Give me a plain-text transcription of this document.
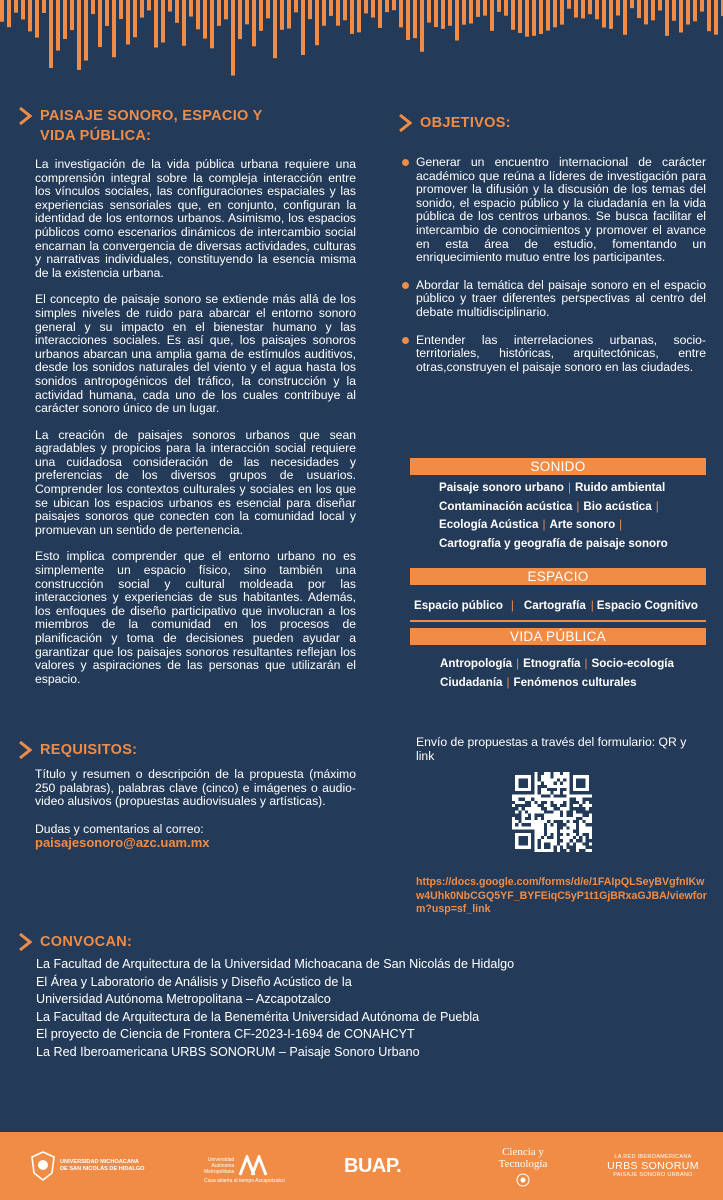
PAISAJE SONORO, ESPACIO Y
VIDA PÚBLICA:

La investigación de la vida pública urbana requiere una comprensión integral sobre la compleja interacción entre los vínculos sociales, las configuraciones espaciales y las experiencias sensoriales que, en conjunto, configuran la identidad de los entornos urbanos. Asimismo, los espacios públicos como escenarios dinámicos de intercambio social encarnan la convergencia de diversas actividades, culturas y narrativas individuales, constituyendo la esencia misma de la existencia urbana.

El concepto de paisaje sonoro se extiende más allá de los simples niveles de ruido para abarcar el entorno sonoro general y su impacto en el bienestar humano y las interacciones sociales. Es así que, los paisajes sonoros urbanos abarcan una amplia gama de estímulos auditivos, desde los sonidos naturales del viento y el agua hasta los sonidos antropogénicos del tráfico, la construcción y la actividad humana, cada uno de los cuales contribuye al carácter sonoro único de un lugar.

La creación de paisajes sonoros urbanos que sean agradables y propicios para la interacción social requiere una cuidadosa consideración de las necesidades y preferencias de los diversos grupos de usuarios. Comprender los contextos culturales y sociales en los que se ubican los espacios urbanos es esencial para diseñar paisajes sonoros que conecten con la comunidad local y promuevan un sentido de pertenencia.

Esto implica comprender que el entorno urbano no es simplemente un espacio físico, sino también una construcción social y cultural moldeada por las interacciones y experiencias de sus habitantes. Además, los enfoques de diseño participativo que involucran a los miembros de la comunidad en los procesos de planificación y toma de decisiones pueden ayudar a garantizar que los paisajes sonoros resultantes reflejan los valores y aspiraciones de las personas que utilizarán el espacio.

REQUISITOS:

Título y resumen o descripción de la propuesta (máximo 250 palabras), palabras clave (cinco) e imágenes o audio-video alusivos (propuestas audiovisuales y artísticas).

Dudas y comentarios al correo:
paisajesonoro@azc.uam.mx
OBJETIVOS:
Generar un encuentro internacional de carácter académico que reúna a líderes de investigación para promover la difusión y la discusión de los temas del sonido, el espacio público y la ciudadanía en la vida pública de los centros urbanos. Se busca facilitar el intercambio de conocimientos y promover el avance en esta área de estudio, fomentando un enriquecimiento mutuo entre los participantes.
Abordar la temática del paisaje sonoro en el espacio público y traer diferentes perspectivas al centro del debate multidisciplinario.
Entender las interrelaciones urbanas, socio-territoriales, históricas, arquitectónicas, entre otras,construyen el paisaje sonoro en las ciudades.
SONIDO
Paisaje sonoro urbano | Ruido ambiental
Contaminación acústica | Bio acústica |
Ecología Acústica | Arte sonoro |
Cartografía y geografía de paisaje sonoro
ESPACIO
Espacio público | Cartografía | Espacio Cognitivo
VIDA PÚBLICA
Antropología | Etnografía | Socio-ecología
Ciudadanía | Fenómenos culturales
Envío de propuestas a través del formulario: QR y link
https://docs.google.com/forms/d/e/1FAIpQLSeyBVgfnIKww4Uhk0NbCGQ5YF_BYFEiqC5yP1t1GjBRxaGJBA/viewform?usp=sf_link
CONVOCAN:
La Facultad de Arquitectura de la Universidad Michoacana de San Nicolás de Hidalgo
El Área y Laboratorio de Análisis y Diseño Acústico de la
Universidad Autónoma Metropolitana – Azcapotzalco
La Facultad de Arquitectura de la Benemérita Universidad Autónoma de Puebla
El proyecto de Ciencia de Frontera CF-2023-I-1694 de CONAHCYT
La Red Iberoamericana URBS SONORUM – Paisaje Sonoro Urbano
UNIVERSIDAD MICHOACANA
DE SAN NICOLÁS DE HIDALGO
Universidad
Autónoma
Metropolitana
Casa abierta al tiempo Azcapotzalco
BUAP.
Ciencia y
Tecnología
LA RED IBEROAMERICANA
URBS SONORUM
PAISAJE SONORO URBANO
